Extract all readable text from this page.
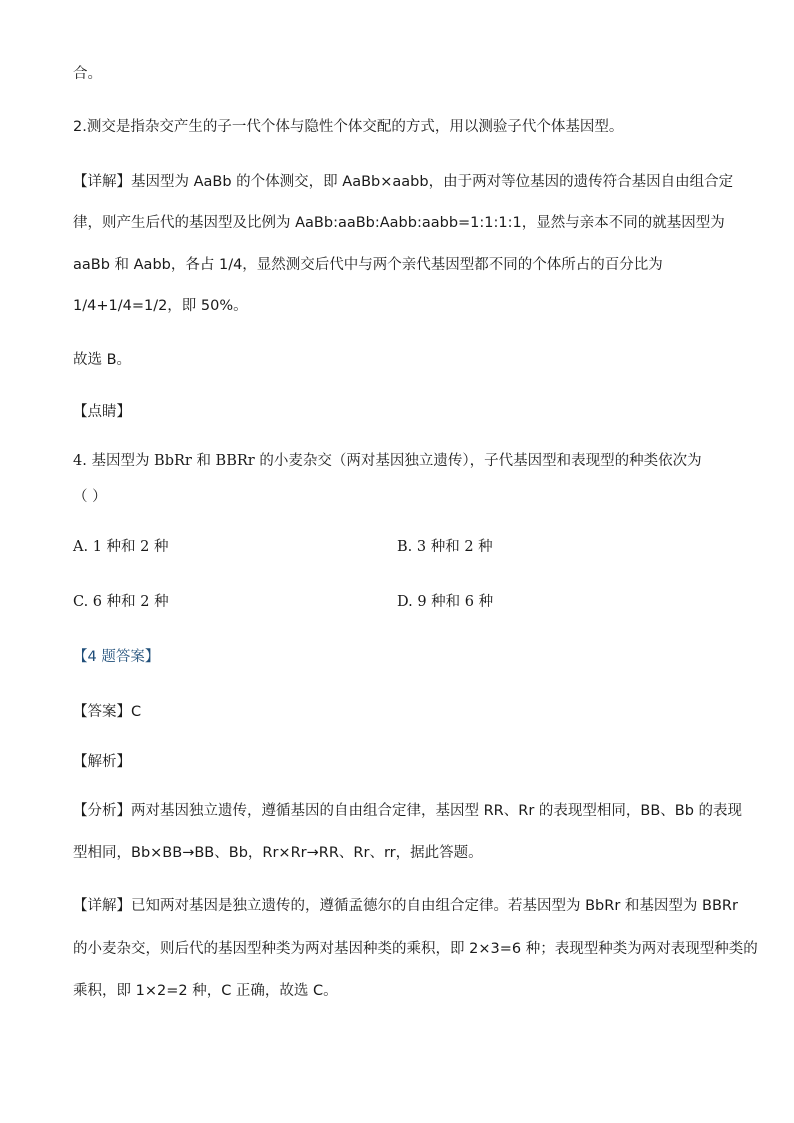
合。
2.测交是指杂交产生的子一代个体与隐性个体交配的方式，用以测验子代个体基因型。
【详解】基因型为 AaBb 的个体测交，即 AaBb×aabb，由于两对等位基因的遗传符合基因自由组合定
律，则产生后代的基因型及比例为 AaBb:aaBb:Aabb:aabb=1:1:1:1，显然与亲本不同的就基因型为
aaBb 和 Aabb，各占 1/4，显然测交后代中与两个亲代基因型都不同的个体所占的百分比为
1/4+1/4=1/2，即 50%。
故选 B。
【点睛】
4. 基因型为 BbRr 和 BBRr 的小麦杂交（两对基因独立遗传），子代基因型和表现型的种类依次为
（ ）
A. 1 种和 2 种	B. 3 种和 2 种
C. 6 种和 2 种	D. 9 种和 6 种
【4 题答案】
【答案】C
【解析】
【分析】两对基因独立遗传，遵循基因的自由组合定律，基因型 RR、Rr 的表现型相同，BB、Bb 的表现
型相同，Bb×BB→BB、Bb，Rr×Rr→RR、Rr、rr，据此答题。
【详解】已知两对基因是独立遗传的，遵循孟德尔的自由组合定律。若基因型为 BbRr 和基因型为 BBRr
的小麦杂交，则后代的基因型种类为两对基因种类的乘积，即 2×3=6 种；表现型种类为两对表现型种类的
乘积，即 1×2=2 种，C 正确，故选 C。
